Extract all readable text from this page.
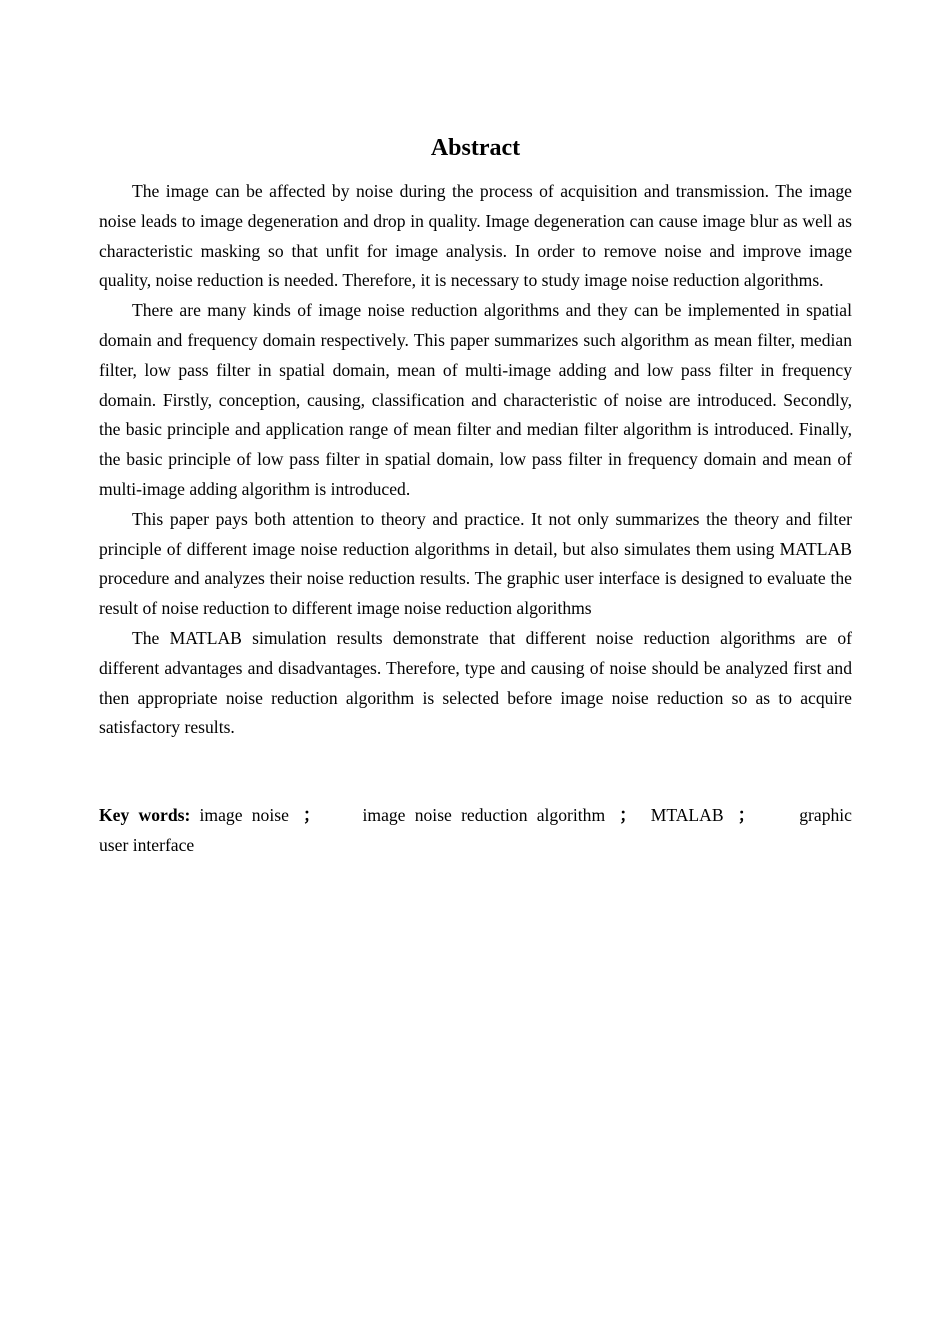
Abstract

The image can be affected by noise during the process of acquisition and transmission. The image noise leads to image degeneration and drop in quality. Image degeneration can cause image blur as well as characteristic masking so that unfit for image analysis. In order to remove noise and improve image quality, noise reduction is needed. Therefore, it is necessary to study image noise reduction algorithms.

There are many kinds of image noise reduction algorithms and they can be implemented in spatial domain and frequency domain respectively. This paper summarizes such algorithm as mean filter, median filter, low pass filter in spatial domain, mean of multi-image adding and low pass filter in frequency domain. Firstly, conception, causing, classification and characteristic of noise are introduced. Secondly, the basic principle and application range of mean filter and median filter algorithm is introduced. Finally, the basic principle of low pass filter in spatial domain, low pass filter in frequency domain and mean of multi-image adding algorithm is introduced.

This paper pays both attention to theory and practice. It not only summarizes the theory and filter principle of different image noise reduction algorithms in detail, but also simulates them using MATLAB procedure and analyzes their noise reduction results. The graphic user interface is designed to evaluate the result of noise reduction to different image noise reduction algorithms

The MATLAB simulation results demonstrate that different noise reduction algorithms are of different advantages and disadvantages. Therefore, type and causing of noise should be analyzed first and then appropriate noise reduction algorithm is selected before image noise reduction so as to acquire satisfactory results.

Key words: image noise ； image noise reduction algorithm ； MTALAB ；	graphic user interface
